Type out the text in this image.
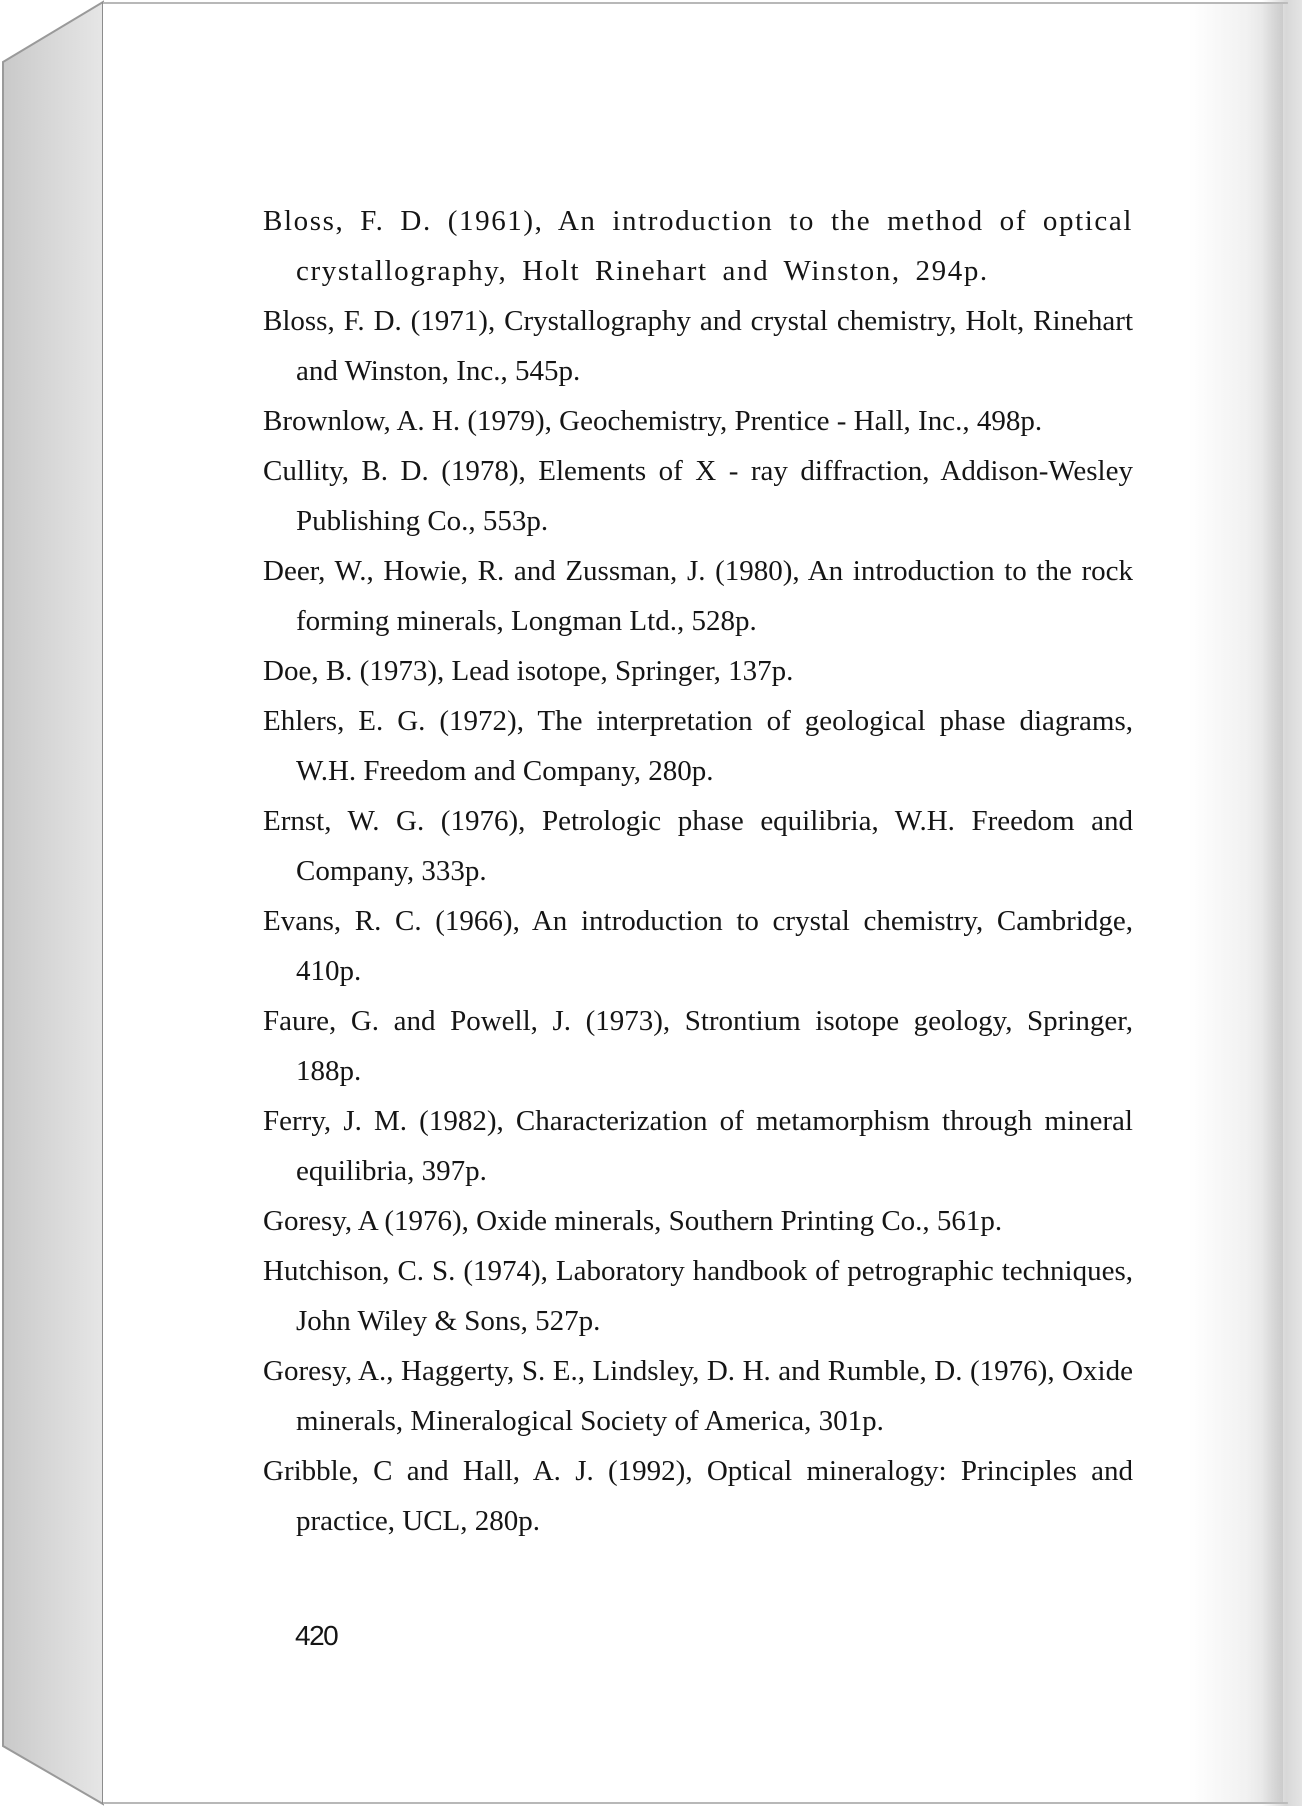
Bloss, F. D. (1961), An introduction to the method of optical crystallography, Holt Rinehart and Winston, 294p.

Bloss, F. D. (1971), Crystallography and crystal chemistry, Holt, Rinehart and Winston, Inc., 545p.

Brownlow, A. H. (1979), Geochemistry, Prentice - Hall, Inc., 498p.

Cullity, B. D. (1978), Elements of X - ray diffraction, Addison-Wesley Publishing Co., 553p.

Deer, W., Howie, R. and Zussman, J. (1980), An introduction to the rock forming minerals, Longman Ltd., 528p.

Doe, B. (1973), Lead isotope, Springer, 137p.

Ehlers, E. G. (1972), The interpretation of geological phase diagrams, W.H. Freedom and Company, 280p.

Ernst, W. G. (1976), Petrologic phase equilibria, W.H. Freedom and Company, 333p.

Evans, R. C. (1966), An introduction to crystal chemistry, Cambridge, 410p.

Faure, G. and Powell, J. (1973), Strontium isotope geology, Springer, 188p.

Ferry, J. M. (1982), Characterization of metamorphism through mineral equilibria, 397p.

Goresy, A (1976), Oxide minerals, Southern Printing Co., 561p.

Hutchison, C. S. (1974), Laboratory handbook of petrographic techniques, John Wiley & Sons, 527p.

Goresy, A., Haggerty, S. E., Lindsley, D. H. and Rumble, D. (1976), Oxide minerals, Mineralogical Society of America, 301p.

Gribble, C and Hall, A. J. (1992), Optical mineralogy: Principles and practice, UCL, 280p.

420
